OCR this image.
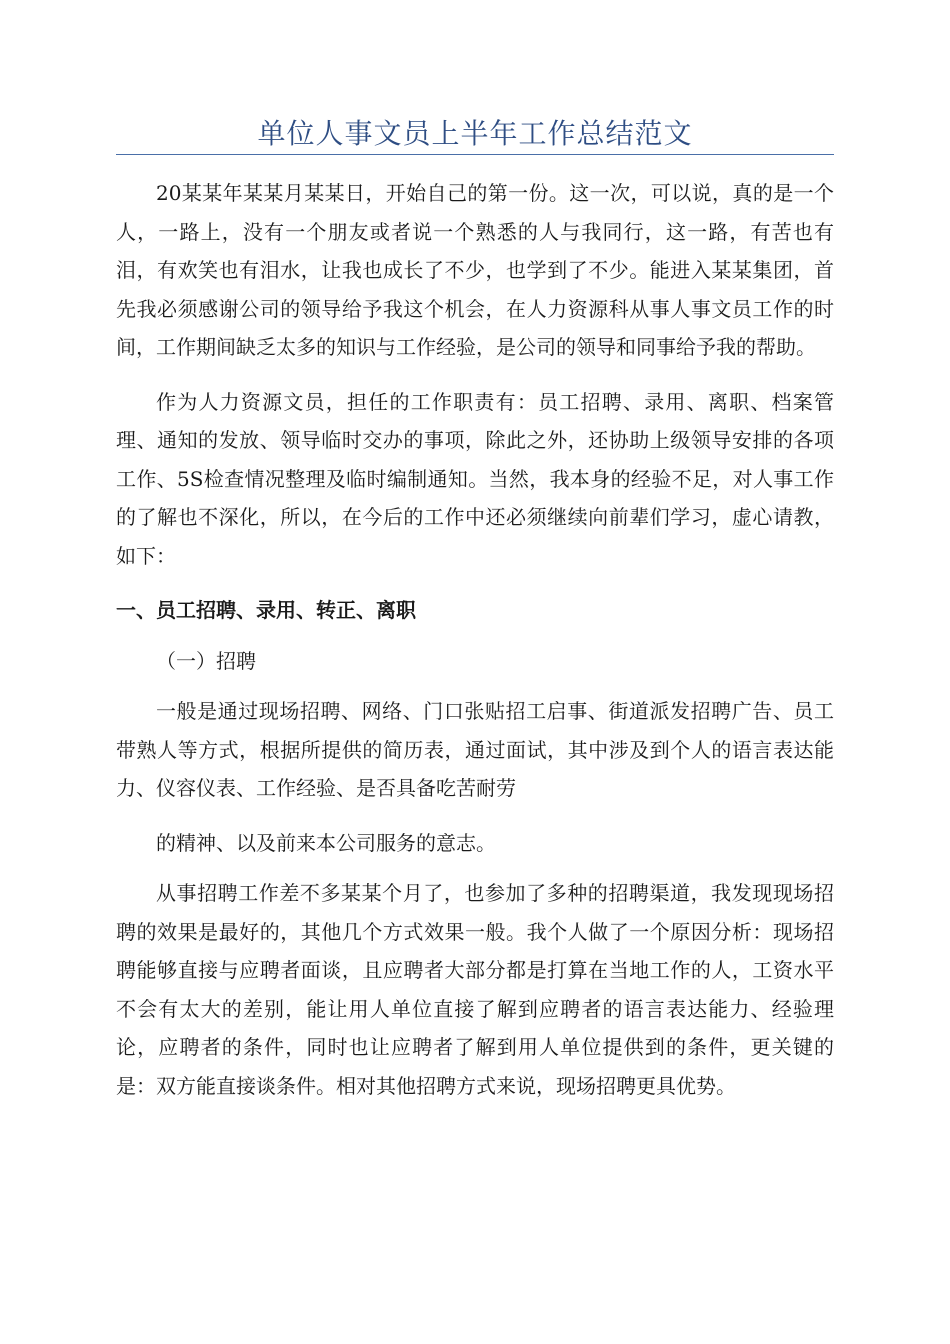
单位人事文员上半年工作总结范文

20某某年某某月某某日，开始自己的第一份。这一次，可以说，真的是一个人，一路上，没有一个朋友或者说一个熟悉的人与我同行，这一路，有苦也有泪，有欢笑也有泪水，让我也成长了不少，也学到了不少。能进入某某集团，首先我必须感谢公司的领导给予我这个机会，在人力资源科从事人事文员工作的时间，工作期间缺乏太多的知识与工作经验，是公司的领导和同事给予我的帮助。

作为人力资源文员，担任的工作职责有：员工招聘、录用、离职、档案管理、通知的发放、领导临时交办的事项，除此之外，还协助上级领导安排的各项工作、5S检查情况整理及临时编制通知。当然，我本身的经验不足，对人事工作的了解也不深化，所以，在今后的工作中还必须继续向前辈们学习，虚心请教，如下：

一、员工招聘、录用、转正、离职

（一）招聘

一般是通过现场招聘、网络、门口张贴招工启事、街道派发招聘广告、员工带熟人等方式，根据所提供的简历表，通过面试，其中涉及到个人的语言表达能力、仪容仪表、工作经验、是否具备吃苦耐劳

的精神、以及前来本公司服务的意志。

从事招聘工作差不多某某个月了，也参加了多种的招聘渠道，我发现现场招聘的效果是最好的，其他几个方式效果一般。我个人做了一个原因分析：现场招聘能够直接与应聘者面谈，且应聘者大部分都是打算在当地工作的人，工资水平不会有太大的差别，能让用人单位直接了解到应聘者的语言表达能力、经验理论，应聘者的条件，同时也让应聘者了解到用人单位提供到的条件，更关键的是：双方能直接谈条件。相对其他招聘方式来说，现场招聘更具优势。
